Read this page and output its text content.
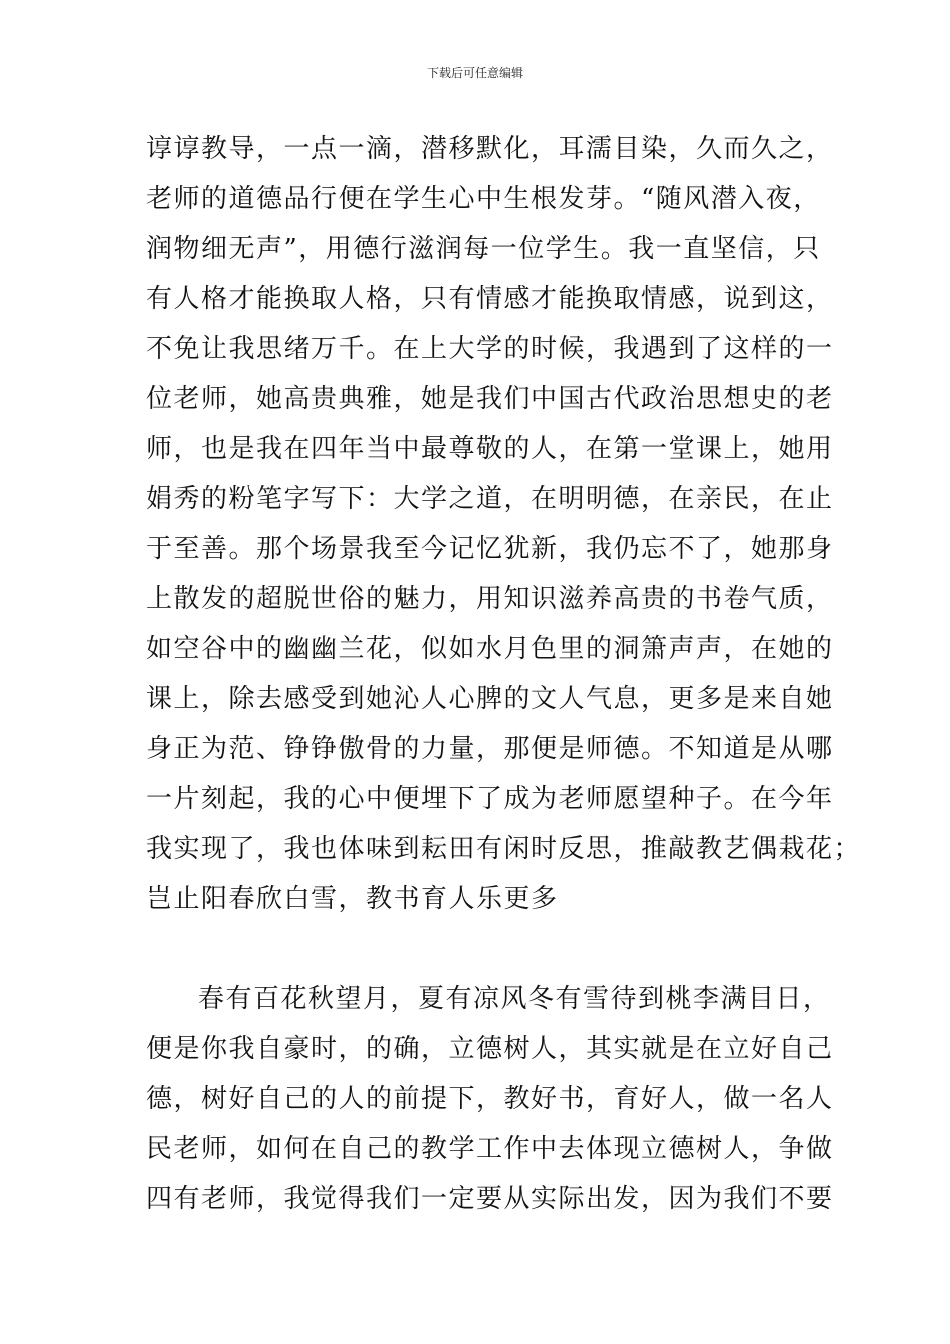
下载后可任意编辑
谆谆教导，一点一滴，潜移默化，耳濡目染，久而久之，
老师的道德品行便在学生心中生根发芽。“随风潜入夜，
润物细无声”，用德行滋润每一位学生。我一直坚信，只
有人格才能换取人格，只有情感才能换取情感，说到这，
不免让我思绪万千。在上大学的时候，我遇到了这样的一
位老师，她高贵典雅，她是我们中国古代政治思想史的老
师，也是我在四年当中最尊敬的人，在第一堂课上，她用
娟秀的粉笔字写下：大学之道，在明明德，在亲民，在止
于至善。那个场景我至今记忆犹新，我仍忘不了，她那身
上散发的超脱世俗的魅力，用知识滋养高贵的书卷气质，
如空谷中的幽幽兰花，似如水月色里的洞箫声声，在她的
课上，除去感受到她沁人心脾的文人气息，更多是来自她
身正为范、铮铮傲骨的力量，那便是师德。不知道是从哪
一片刻起，我的心中便埋下了成为老师愿望种子。在今年
我实现了，我也体味到耘田有闲时反思，推敲教艺偶栽花；
岂止阳春欣白雪，教书育人乐更多
春有百花秋望月，夏有凉风冬有雪待到桃李满目日，
便是你我自豪时，的确，立德树人，其实就是在立好自己
德，树好自己的人的前提下，教好书，育好人，做一名人
民老师，如何在自己的教学工作中去体现立德树人，争做
四有老师，我觉得我们一定要从实际出发，因为我们不要
